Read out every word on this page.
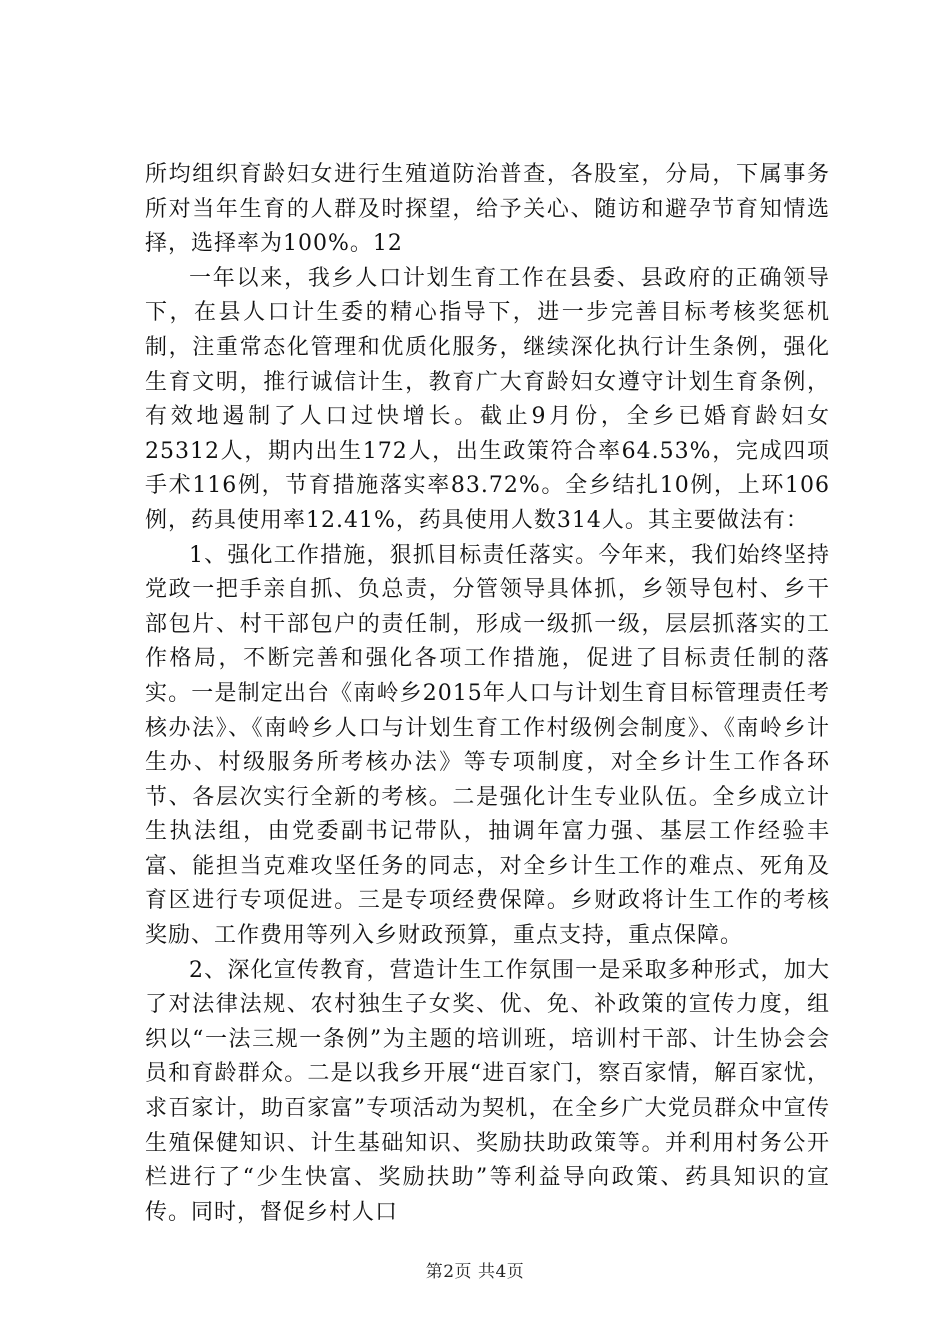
所均组织育龄妇女进行生殖道防治普查，各股室，分局，下属事务所对当年生育的人群及时探望，给予关心、随访和避孕节育知情选择，选择率为100%。12

一年以来，我乡人口计划生育工作在县委、县政府的正确领导下，在县人口计生委的精心指导下，进一步完善目标考核奖惩机制，注重常态化管理和优质化服务，继续深化执行计生条例，强化生育文明，推行诚信计生，教育广大育龄妇女遵守计划生育条例，有效地遏制了人口过快增长。截止9月份，全乡已婚育龄妇女25312人，期内出生172人，出生政策符合率64.53%，完成四项手术116例，节育措施落实率83.72%。全乡结扎10例，上环106例，药具使用率12.41%，药具使用人数314人。其主要做法有：

1、强化工作措施，狠抓目标责任落实。今年来，我们始终坚持党政一把手亲自抓、负总责，分管领导具体抓，乡领导包村、乡干部包片、村干部包户的责任制，形成一级抓一级，层层抓落实的工作格局，不断完善和强化各项工作措施，促进了目标责任制的落实。一是制定出台《南岭乡2015年人口与计划生育目标管理责任考核办法》、《南岭乡人口与计划生育工作村级例会制度》、《南岭乡计生办、村级服务所考核办法》等专项制度，对全乡计生工作各环节、各层次实行全新的考核。二是强化计生专业队伍。全乡成立计生执法组，由党委副书记带队，抽调年富力强、基层工作经验丰富、能担当克难攻坚任务的同志，对全乡计生工作的难点、死角及育区进行专项促进。三是专项经费保障。乡财政将计生工作的考核奖励、工作费用等列入乡财政预算，重点支持，重点保障。

2、深化宣传教育，营造计生工作氛围一是采取多种形式，加大了对法律法规、农村独生子女奖、优、免、补政策的宣传力度，组织以“一法三规一条例”为主题的培训班，培训村干部、计生协会会员和育龄群众。二是以我乡开展“进百家门，察百家情，解百家忧，求百家计，助百家富”专项活动为契机，在全乡广大党员群众中宣传生殖保健知识、计生基础知识、奖励扶助政策等。并利用村务公开栏进行了“少生快富、奖励扶助”等利益导向政策、药具知识的宣传。同时，督促乡村人口

第2页 共4页
